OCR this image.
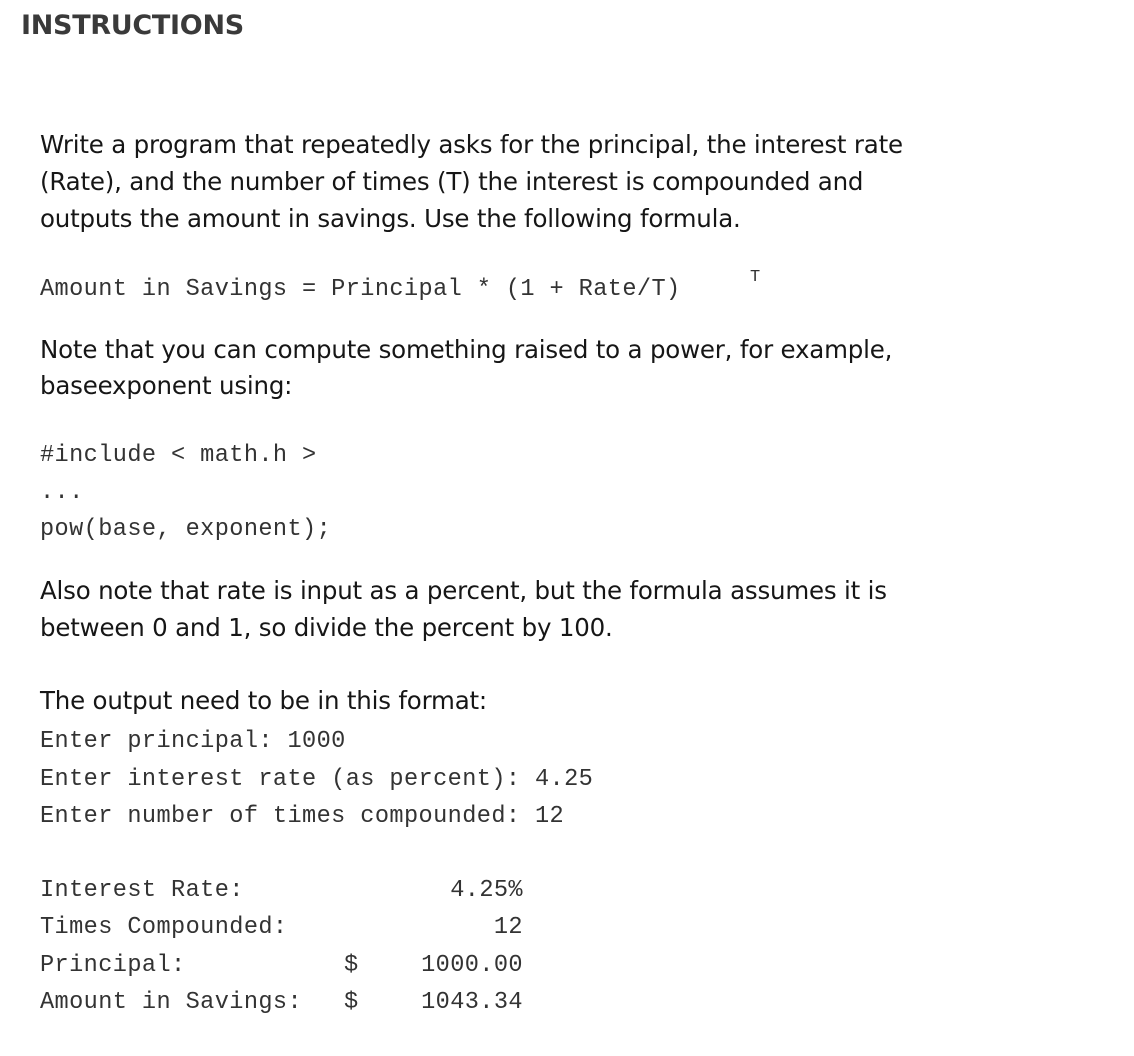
INSTRUCTIONS
Write a program that repeatedly asks for the principal, the interest rate
(Rate), and the number of times (T) the interest is compounded and
outputs the amount in savings. Use the following formula.
Amount in Savings = Principal * (1 + Rate/T)	T
Note that you can compute something raised to a power, for example,
baseexponent using:
#include < math.h >
...
pow(base, exponent);
Also note that rate is input as a percent, but the formula assumes it is
between 0 and 1, so divide the percent by 100.
The output need to be in this format:
Enter principal: 1000
Enter interest rate (as percent): 4.25
Enter number of times compounded: 12
Interest Rate:	4.25%
Times Compounded:	12
Principal:	$	1000.00
Amount in Savings: $	1043.34
